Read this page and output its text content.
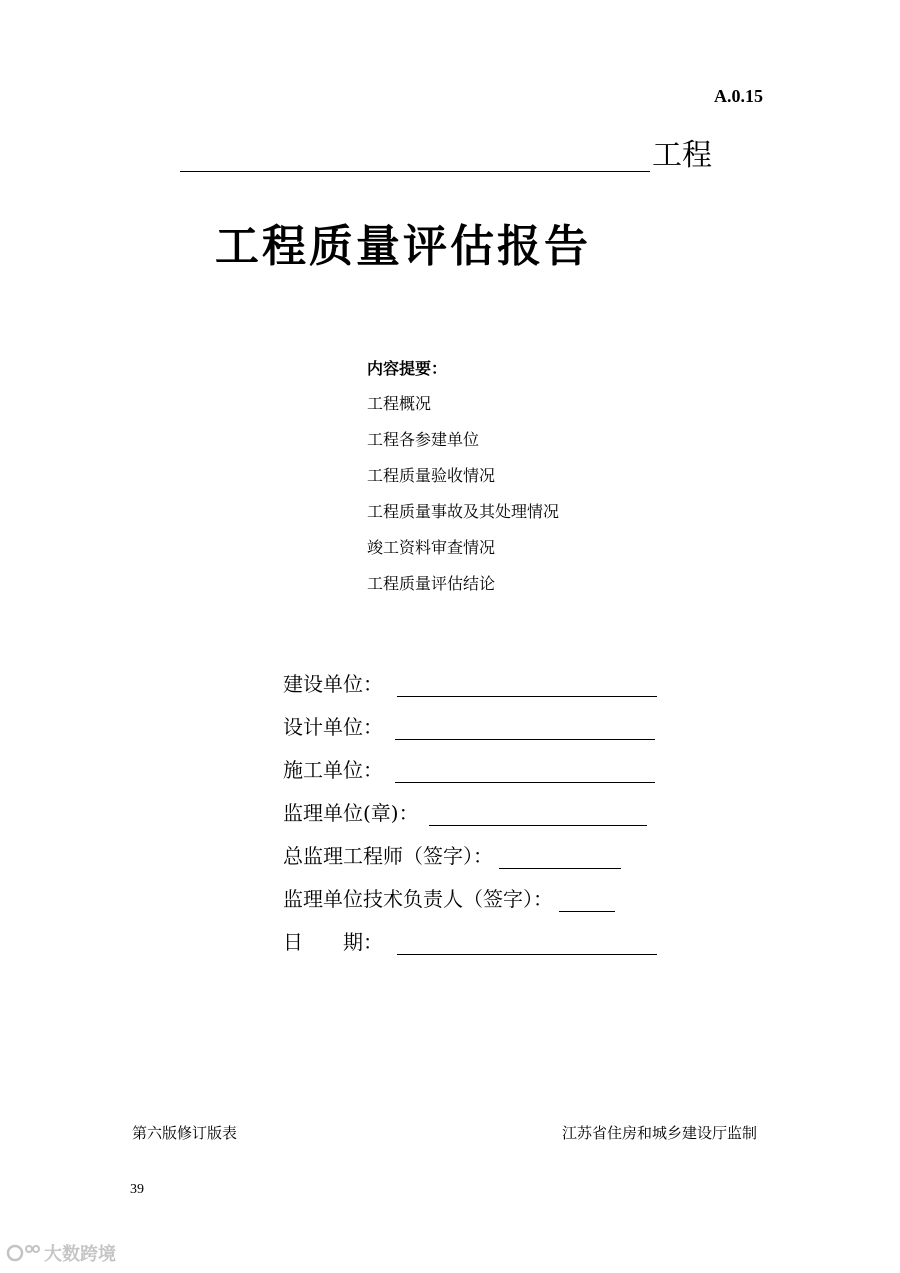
A.0.15
工程
工程质量评估报告
内容提要：
工程概况
工程各参建单位
工程质量验收情况
工程质量事故及其处理情况
竣工资料审查情况
工程质量评估结论
建设单位：
设计单位：
施工单位：
监理单位(章)：
总监理工程师（签字）：
监理单位技术负责人（签字）：
日　　期：
第六版修订版表	江苏省住房和城乡建设厅监制
39
大数跨境
